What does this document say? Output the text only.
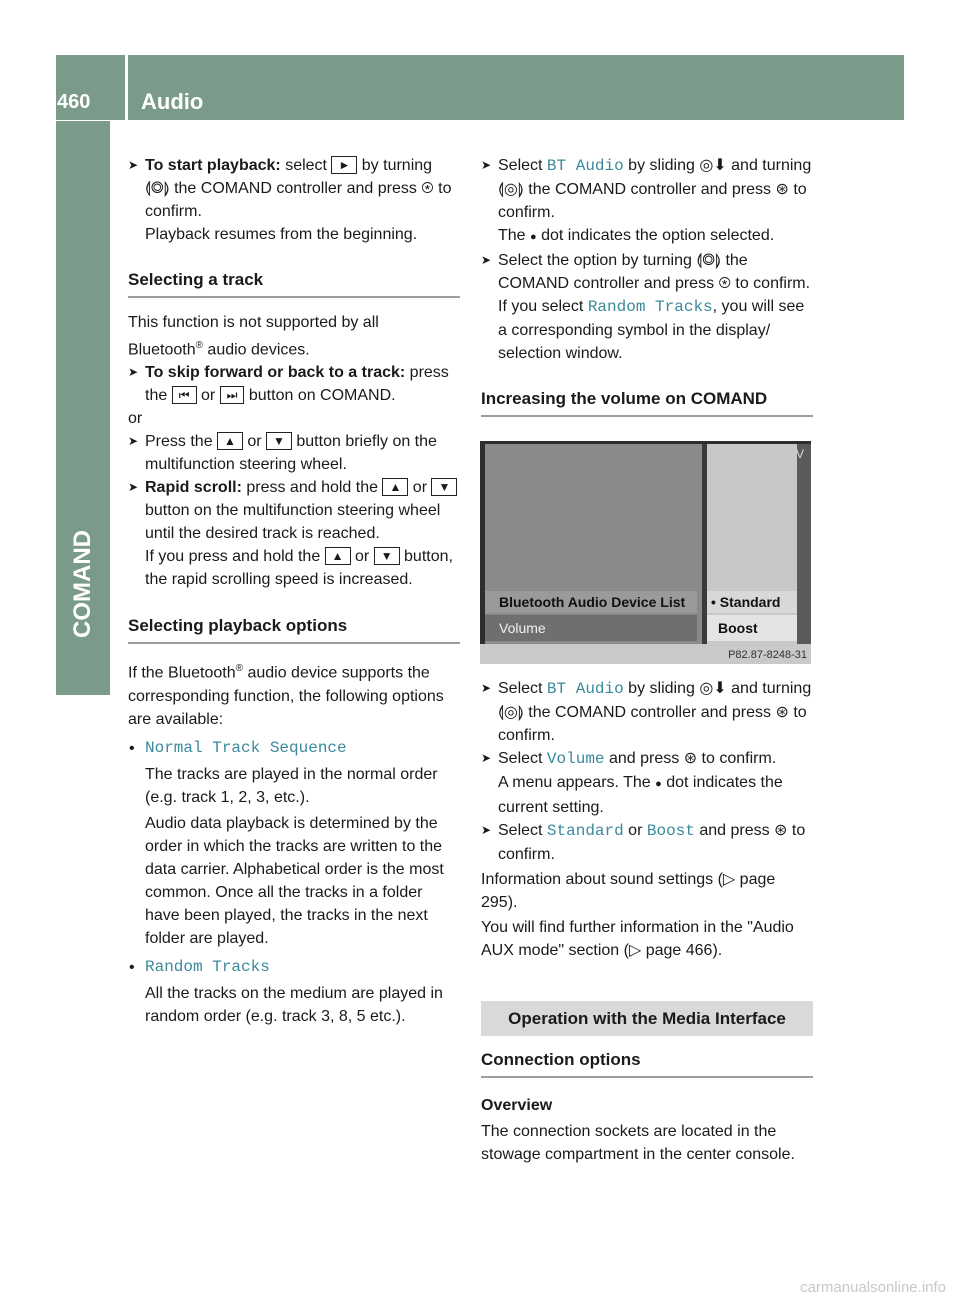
460 Audio
COMAND
➤ To start playback: select ► by turning ⟬◎⟭ the COMAND controller and press ⊛ to confirm.

Playback resumes from the beginning.

Selecting a track

This function is not supported by all
Bluetooth® audio devices.

➤ To skip forward or back to a track: press the ⏮ or ⏭ button on COMAND.

or

➤ Press the ▲ or ▼ button briefly on the multifunction steering wheel.

➤ Rapid scroll: press and hold the ▲ or ▼ button on the multifunction steering wheel until the desired track is reached.

If you press and hold the ▲ or ▼ button, the rapid scrolling speed is increased.

Selecting playback options

If the Bluetooth® audio device supports the corresponding function, the following options are available:

• Normal Track Sequence

The tracks are played in the normal order (e.g. track 1, 2, 3, etc.).

Audio data playback is determined by the order in which the tracks are written to the data carrier. Alphabetical order is the most common. Once all the tracks in a folder have been played, the tracks in the next folder are played.

• Random Tracks

All the tracks on the medium are played in random order (e.g. track 3, 8, 5 etc.).

➤ Select BT Audio by sliding ◎⬇ and turning ⟬◎⟭ the COMAND controller and press ⊛ to confirm.

The ● dot indicates the option selected.

➤ Select the option by turning ⟬◎⟭ the COMAND controller and press ⊛ to confirm.

If you select Random Tracks, you will see a corresponding symbol in the display/ selection window.

Increasing the volume on COMAND
V
Bluetooth Audio Device List
Volume
• Standard
Boost
P82.87-8248-31
➤ Select BT Audio by sliding ◎⬇ and turning ⟬◎⟭ the COMAND controller and press ⊛ to confirm.

➤ Select Volume and press ⊛ to confirm.

A menu appears. The ● dot indicates the current setting.

➤ Select Standard or Boost and press ⊛ to confirm.

Information about sound settings (▷ page 295).

You will find further information in the "Audio AUX mode" section (▷ page 466).

Operation with the Media Interface
Connection options

Overview

The connection sockets are located in the stowage compartment in the center console.

carmanualsonline.info
